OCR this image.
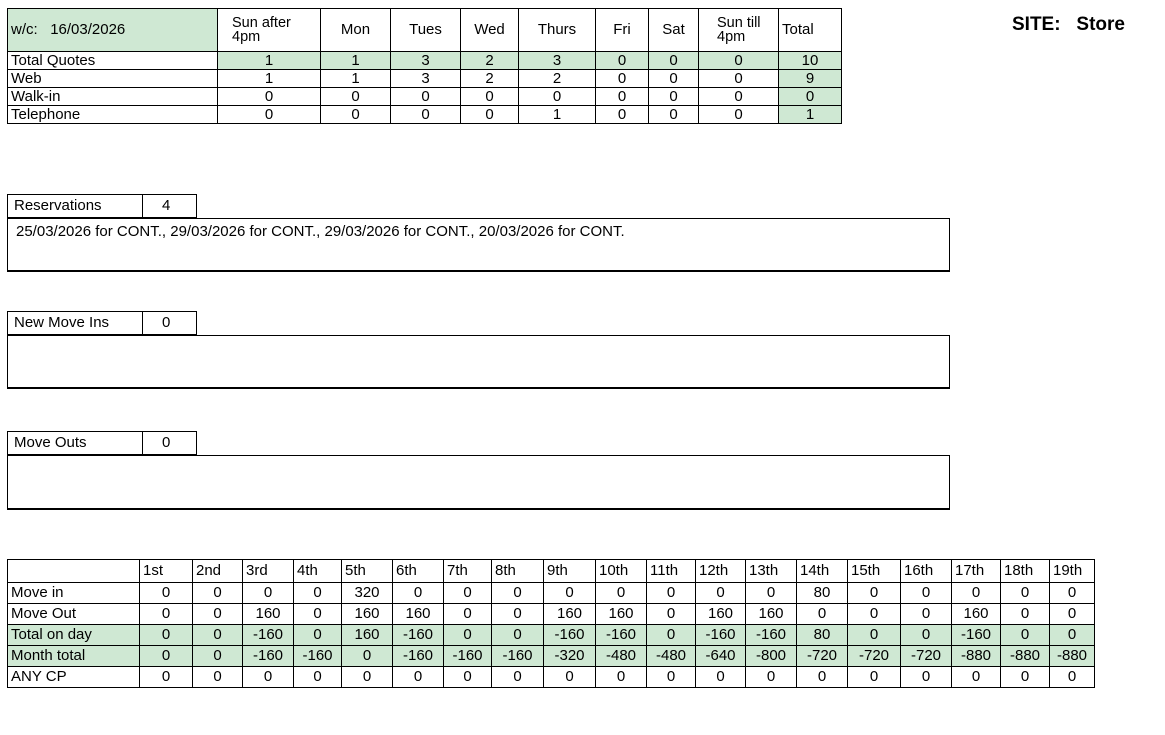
w/c: 16/03/2026	Sun after 4pm	Mon	Tues	Wed	Thurs	Fri	Sat	Sun till 4pm	Total
Total Quotes	1	1	3	2	3	0	0	0	10
Web	1	1	3	2	2	0	0	0	9
Walk-in	0	0	0	0	0	0	0	0	0
Telephone	0	0	0	0	1	0	0	0	1
SITE: Store
Reservations	4
25/03/2026 for CONT., 29/03/2026 for CONT., 29/03/2026 for CONT., 20/03/2026 for CONT.
New Move Ins	0
Move Outs	0
	1st	2nd	3rd	4th	5th	6th	7th	8th	9th	10th	11th	12th	13th	14th	15th	16th	17th	18th	19th
Move in	0	0	0	0	320	0	0	0	0	0	0	0	0	80	0	0	0	0	0
Move Out	0	0	160	0	160	160	0	0	160	160	0	160	160	0	0	0	160	0	0
Total on day	0	0	-160	0	160	-160	0	0	-160	-160	0	-160	-160	80	0	0	-160	0	0
Month total	0	0	-160	-160	0	-160	-160	-160	-320	-480	-480	-640	-800	-720	-720	-720	-880	-880	-880
ANY CP	0	0	0	0	0	0	0	0	0	0	0	0	0	0	0	0	0	0	0
